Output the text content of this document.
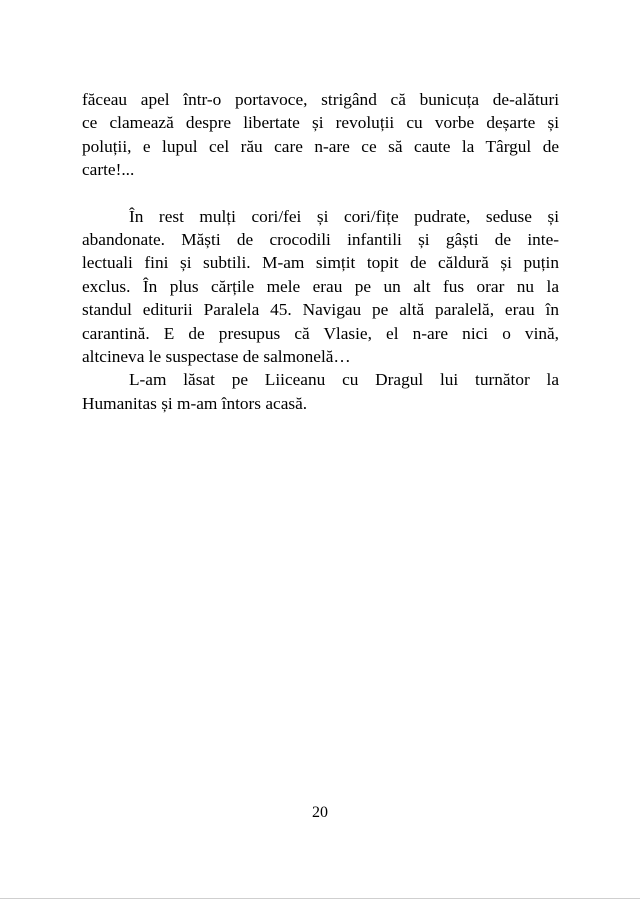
făceau apel într-o portavoce, strigând că bunicuța de-alături
ce clamează despre libertate și revoluții cu vorbe deșarte și
poluții, e lupul cel rău care n-are ce să caute la Târgul de
carte!...

În rest mulți cori/fei și cori/fițe pudrate, seduse și
abandonate. Măști de crocodili infantili și gâști de inte-
lectuali fini și subtili. M-am simțit topit de căldură și puțin
exclus. În plus cărțile mele erau pe un alt fus orar nu la
standul editurii Paralela 45. Navigau pe altă paralelă, erau în
carantină. E de presupus că Vlasie, el n-are nici o vină,
altcineva le suspectase de salmonelă…

L-am lăsat pe Liiceanu cu Dragul lui turnător la
Humanitas și m-am întors acasă.

20
